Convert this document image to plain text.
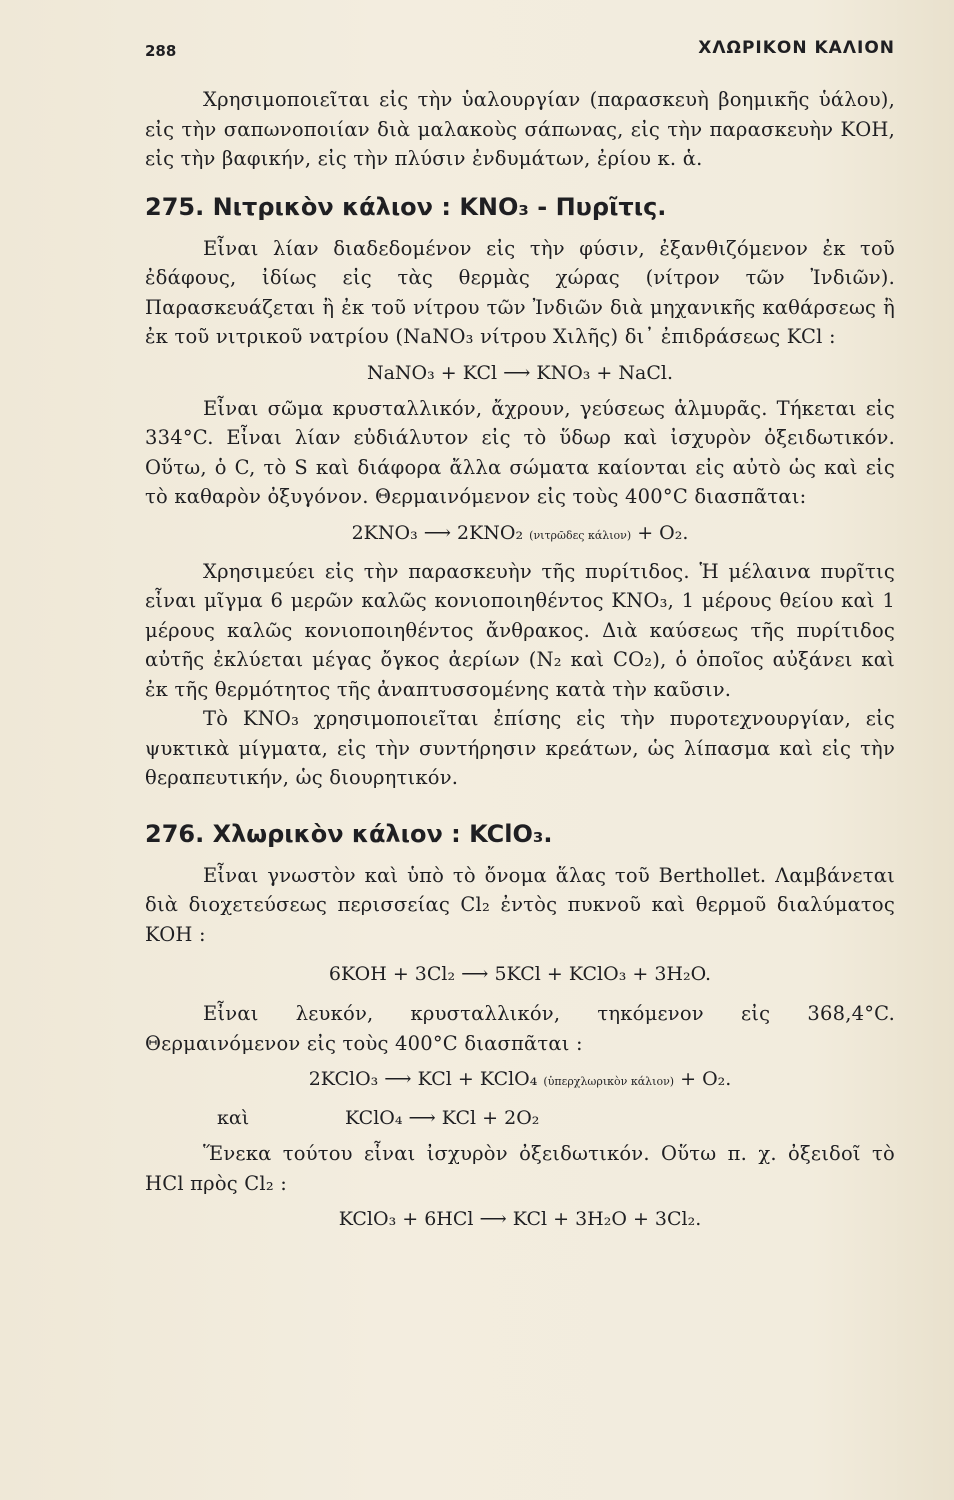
288	ΧΛΩΡΙΚΟΝ ΚΑΛΙΟΝ

Χρησιμοποιεῖται εἰς τὴν ὑαλουργίαν (παρασκευὴ βοημικῆς ὑάλου), εἰς τὴν σαπωνοποιίαν διὰ μαλακοὺς σάπωνας, εἰς τὴν παρασκευὴν ΚΟΗ, εἰς τὴν βαφικήν, εἰς τὴν πλύσιν ἐνδυμάτων, ἐρίου κ. ἁ.

275. Νιτρικὸν κάλιον : KNO₃ - Πυρῖτις.

Εἶναι λίαν διαδεδομένον εἰς τὴν φύσιν, ἐξανθιζόμενον ἐκ τοῦ ἐδάφους, ἰδίως εἰς τὰς θερμὰς χώρας (νίτρον τῶν Ἰνδιῶν). Παρασκευάζεται ἢ ἐκ τοῦ νίτρου τῶν Ἰνδιῶν διὰ μηχανικῆς καθάρσεως ἢ ἐκ τοῦ νιτρικοῦ νατρίου (NaNO₃ νίτρου Χιλῆς) δι᾽ ἐπιδράσεως KCl :

NaNO₃ + KCl ⟶ KNO₃ + NaCl.

Εἶναι σῶμα κρυσταλλικόν, ἄχρουν, γεύσεως ἁλμυρᾶς. Τήκεται εἰς 334°C. Εἶναι λίαν εὐδιάλυτον εἰς τὸ ὕδωρ καὶ ἰσχυρὸν ὀξειδωτικόν. Οὕτω, ὁ C, τὸ S καὶ διάφορα ἄλλα σώματα καίονται εἰς αὐτὸ ὡς καὶ εἰς τὸ καθαρὸν ὀξυγόνον. Θερμαινόμενον εἰς τοὺς 400°C διασπᾶται:

2KNO₃ ⟶ 2KNO₂ (νιτρῶδες κάλιον) + O₂.

Χρησιμεύει εἰς τὴν παρασκευὴν τῆς πυρίτιδος. Ἡ μέλαινα πυρῖτις εἶναι μῖγμα 6 μερῶν καλῶς κονιοποιηθέντος KNO₃, 1 μέρους θείου καὶ 1 μέρους καλῶς κονιοποιηθέντος ἄνθρακος. Διὰ καύσεως τῆς πυρίτιδος αὐτῆς ἐκλύεται μέγας ὄγκος ἀερίων (N₂ καὶ CO₂), ὁ ὁποῖος αὐξάνει καὶ ἐκ τῆς θερμότητος τῆς ἀναπτυσσομένης κατὰ τὴν καῦσιν.

Τὸ KNO₃ χρησιμοποιεῖται ἐπίσης εἰς τὴν πυροτεχνουργίαν, εἰς ψυκτικὰ μίγματα, εἰς τὴν συντήρησιν κρεάτων, ὡς λίπασμα καὶ εἰς τὴν θεραπευτικήν, ὡς διουρητικόν.

276. Χλωρικὸν κάλιον : KClO₃.

Εἶναι γνωστὸν καὶ ὑπὸ τὸ ὄνομα ἅλας τοῦ Berthollet. Λαμβάνεται διὰ διοχετεύσεως περισσείας Cl₂ ἐντὸς πυκνοῦ καὶ θερμοῦ διαλύματος KOH :

6KOH + 3Cl₂ ⟶ 5KCl + KClO₃ + 3H₂O.

Εἶναι λευκόν, κρυσταλλικόν, τηκόμενον εἰς 368,4°C. Θερμαινόμενον εἰς τοὺς 400°C διασπᾶται :

2KClO₃ ⟶ KCl + KClO₄ (ὑπερχλωρικὸν κάλιον) + O₂.
καὶ	KClO₄ ⟶ KCl + 2O₂

Ἕνεκα τούτου εἶναι ἰσχυρὸν ὀξειδωτικόν. Οὕτω π. χ. ὀξειδοῖ τὸ HCl πρὸς Cl₂ :

KClO₃ + 6HCl ⟶ KCl + 3H₂O + 3Cl₂.
